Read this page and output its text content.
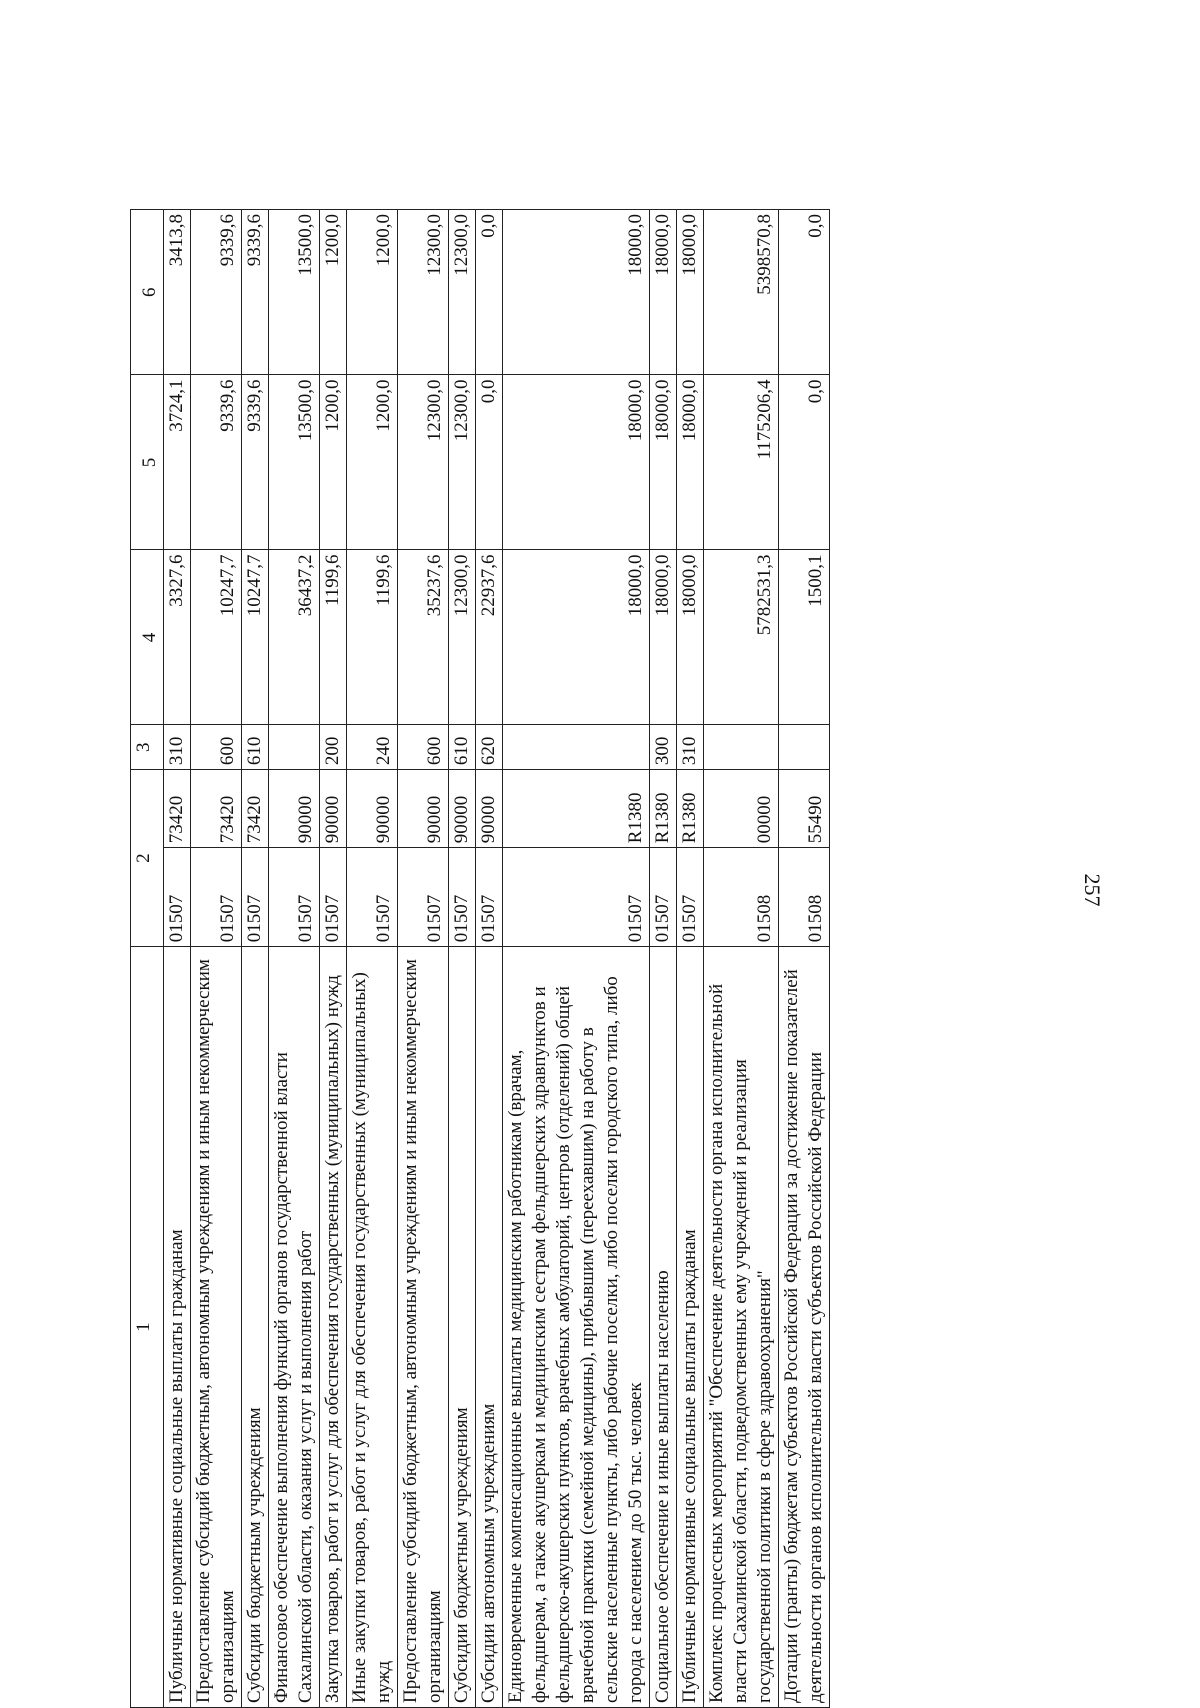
257
1	2		3	4	5	6
Публичные нормативные социальные выплаты гражданам	01507	73420	310	3327,6	3724,1	3413,8
Предоставление субсидий бюджетным, автономным учреждениям и иным некоммерческим организациям	01507	73420	600	10247,7	9339,6	9339,6
Субсидии бюджетным учреждениям	01507	73420	610	10247,7	9339,6	9339,6
Финансовое обеспечение выполнения функций органов государственной власти Сахалинской области, оказания услуг и выполнения работ	01507	90000		36437,2	13500,0	13500,0
Закупка товаров, работ и услуг для обеспечения государственных (муниципальных) нужд	01507	90000	200	1199,6	1200,0	1200,0
Иные закупки товаров, работ и услуг для обеспечения государственных (муниципальных) нужд	01507	90000	240	1199,6	1200,0	1200,0
Предоставление субсидий бюджетным, автономным учреждениям и иным некоммерческим организациям	01507	90000	600	35237,6	12300,0	12300,0
Субсидии бюджетным учреждениям	01507	90000	610	12300,0	12300,0	12300,0
Субсидии автономным учреждениям	01507	90000	620	22937,6	0,0	0,0
Единовременные компенсационные выплаты медицинским работникам (врачам, фельдшерам, а также акушеркам и медицинским сестрам фельдшерских здравпунктов и фельдшерско-акушерских пунктов, врачебных амбулаторий, центров (отделений) общей врачебной практики (семейной медицины), прибывшим (переехавшим) на работу в сельские населенные пункты, либо рабочие поселки, либо поселки городского типа, либо города с населением до 50 тыс. человек	01507	R1380		18000,0	18000,0	18000,0
Социальное обеспечение и иные выплаты населению	01507	R1380	300	18000,0	18000,0	18000,0
Публичные нормативные социальные выплаты гражданам	01507	R1380	310	18000,0	18000,0	18000,0
Комплекс процессных мероприятий "Обеспечение деятельности органа исполнительной власти Сахалинской области, подведомственных ему учреждений и реализация государственной политики в сфере здравоохранения"	01508	00000		5782531,3	1175206,4	5398570,8
Дотации (гранты) бюджетам субъектов Российской Федерации за достижение показателей деятельности органов исполнительной власти субъектов Российской Федерации	01508	55490		1500,1	0,0	0,0
